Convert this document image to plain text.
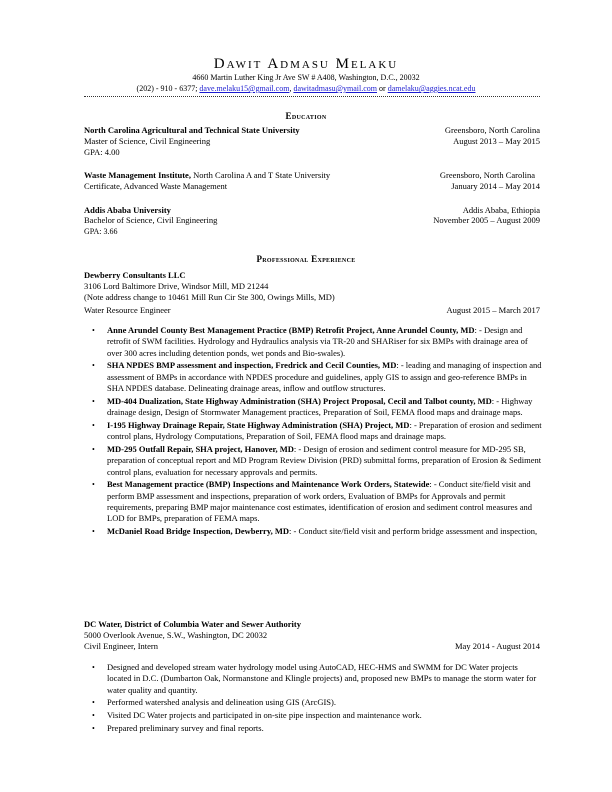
Dawit Admasu Melaku
4660 Martin Luther King Jr Ave SW # A408, Washington, D.C., 20032
(202) - 910 - 6377; dave.melaku15@gmail.com, dawitadmasu@ymail.com or damelaku@aggies.ncat.edu
Education
North Carolina Agricultural and Technical State University	Greensboro, North Carolina
Master of Science, Civil Engineering	August 2013 – May 2015
GPA: 4.00
Waste Management Institute, North Carolina A and T State University	Greensboro, North Carolina
Certificate, Advanced Waste Management	January 2014 – May 2014
Addis Ababa University	Addis Ababa, Ethiopia
Bachelor of Science, Civil Engineering	November 2005 – August 2009
GPA: 3.66
Professional Experience
Dewberry Consultants LLC
3106 Lord Baltimore Drive, Windsor Mill, MD 21244
(Note address change to 10461 Mill Run Cir Ste 300, Owings Mills, MD)
Water Resource Engineer	August 2015 – March 2017
• Anne Arundel County Best Management Practice (BMP) Retrofit Project, Anne Arundel County, MD: - Design and retrofit of SWM facilities. Hydrology and Hydraulics analysis via TR-20 and SHARiser for six BMPs with drainage area of over 300 acres including detention ponds, wet ponds and Bio-swales).
• SHA NPDES BMP assessment and inspection, Fredrick and Cecil Counties, MD: - leading and managing of inspection and assessment of BMPs in accordance with NPDES procedure and guidelines, apply GIS to assign and geo-reference BMPs in SHA NPDES database. Delineating drainage areas, inflow and outflow structures.
• MD-404 Dualization, State Highway Administration (SHA) Project Proposal, Cecil and Talbot county, MD: - Highway drainage design, Design of Stormwater Management practices, Preparation of Soil, FEMA flood maps and drainage maps.
• I-195 Highway Drainage Repair, State Highway Administration (SHA) Project, MD: - Preparation of erosion and sediment control plans, Hydrology Computations, Preparation of Soil, FEMA flood maps and drainage maps.
• MD-295 Outfall Repair, SHA project, Hanover, MD: - Design of erosion and sediment control measure for MD-295 SB, preparation of conceptual report and MD Program Review Division (PRD) submittal forms, preparation of Erosion & Sediment control plans, evaluation for necessary approvals and permits.
• Best Management practice (BMP) Inspections and Maintenance Work Orders, Statewide: - Conduct site/field visit and perform BMP assessment and inspections, preparation of work orders, Evaluation of BMPs for Approvals and permit requirements, preparing BMP major maintenance cost estimates, identification of erosion and sediment control measures and LOD for BMPs, preparation of FEMA maps.
• McDaniel Road Bridge Inspection, Dewberry, MD: - Conduct site/field visit and perform bridge assessment and inspection,
DC Water, District of Columbia Water and Sewer Authority
5000 Overlook Avenue, S.W., Washington, DC 20032
Civil Engineer, Intern	May 2014 - August 2014
• Designed and developed stream water hydrology model using AutoCAD, HEC-HMS and SWMM for DC Water projects located in D.C. (Dumbarton Oak, Normanstone and Klingle projects) and, proposed new BMPs to manage the storm water for water quality and quantity.
• Performed watershed analysis and delineation using GIS (ArcGIS).
• Visited DC Water projects and participated in on-site pipe inspection and maintenance work.
• Prepared preliminary survey and final reports.
